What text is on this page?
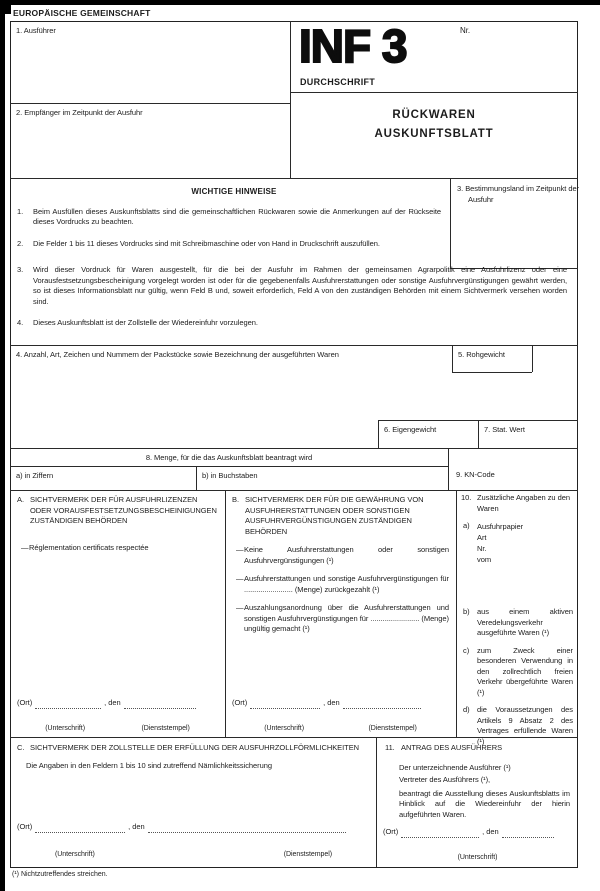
EUROPÄISCHE GEMEINSCHAFT
INF 3	Nr.
DURCHSCHRIFT
RÜCKWAREN
AUSKUNFTSBLATT
1. Ausführer
2. Empfänger im Zeitpunkt der Ausfuhr
3. Bestimmungsland im Zeitpunkt der Ausfuhr
4. Anzahl, Art, Zeichen und Nummern der Packstücke sowie Bezeichnung der ausgeführten Waren	5. Rohgewicht
6. Eigengewicht	7. Stat. Wert
8. Menge, für die das Auskunftsblatt beantragt wird
a) in Ziffern	b) in Buchstaben	9. KN-Code
WICHTIGE HINWEISE
1.	Beim Ausfüllen dieses Auskunftsblatts sind die gemeinschaftlichen Rückwaren sowie die Anmerkungen auf der Rückseite dieses Vordrucks zu beachten.
2.	Die Felder 1 bis 11 dieses Vordrucks sind mit Schreibmaschine oder von Hand in Druckschrift auszufüllen.
3.	Wird dieser Vordruck für Waren ausgestellt, für die bei der Ausfuhr im Rahmen der gemeinsamen Agrarpolitik eine Ausfuhrlizenz oder eine Vorausfestsetzungsbescheinigung vorgelegt worden ist oder für die gegebenenfalls Ausfuhrerstattungen oder sonstige Ausfuhrvergünstigungen gewährt werden, so ist dieses Informationsblatt nur gültig, wenn Feld B und, soweit erforderlich, Feld A von den zuständigen Behörden mit einem Sichtvermerk versehen worden sind.
4.	Dieses Auskunftsblatt ist der Zollstelle der Wiedereinfuhr vorzulegen.
A. SICHTVERMERK DER FÜR AUSFUHRLIZENZEN ODER VORAUSFESTSETZUNGSBESCHEINIGUNGEN ZUSTÄNDIGEN BEHÖRDEN
— Réglementation certificats respectée
(Ort)	, den
(Unterschrift)	(Dienststempel)
B. SICHTVERMERK DER FÜR DIE GEWÄHRUNG VON AUSFUHRERSTATTUNGEN ODER SONSTIGEN AUSFUHRVERGÜNSTIGUNGEN ZUSTÄNDIGEN BEHÖRDEN
— Keine Ausfuhrerstattungen oder sonstigen Ausfuhrvergünstigungen (¹)
— Ausfuhrerstattungen und sonstige Ausfuhrvergünstigungen für ........................ (Menge) zurückgezahlt (¹)
— Auszahlungsanordnung über die Ausfuhrerstattungen und sonstigen Ausfuhrvergünstigungen für ........................ (Menge) ungültig gemacht (¹)
(Ort)	, den
(Unterschrift)	(Dienststempel)
10. Zusätzliche Angaben zu den Waren
a) Ausfuhrpapier
Art
Nr.
vom
b) aus einem aktiven Veredelungsverkehr ausgeführte Waren (¹)
c)	zum Zweck einer besonderen Verwendung in den zollrechtlich freien Verkehr übergeführte Waren (¹)
d) die Voraussetzungen des Artikels 9 Absatz 2 des Vertrages erfüllende Waren (¹)
C. SICHTVERMERK DER ZOLLSTELLE DER ERFÜLLUNG DER AUSFUHRZOLLFÖRMLICHKEITEN
Die Angaben in den Feldern 1 bis 10 sind zutreffend Nämlichkeitssicherung
(Ort)	, den
(Unterschrift)	(Dienststempel)
11. ANTRAG DES AUSFÜHRERS
Der unterzeichnende Ausführer (¹)
Vertreter des Ausführers (¹),
beantragt die Ausstellung dieses Auskunftsblatts im Hinblick auf die Wiedereinfuhr der hierin aufgeführten Waren.
(Ort)	, den
(Unterschrift)
(¹) Nichtzutreffendes streichen.
